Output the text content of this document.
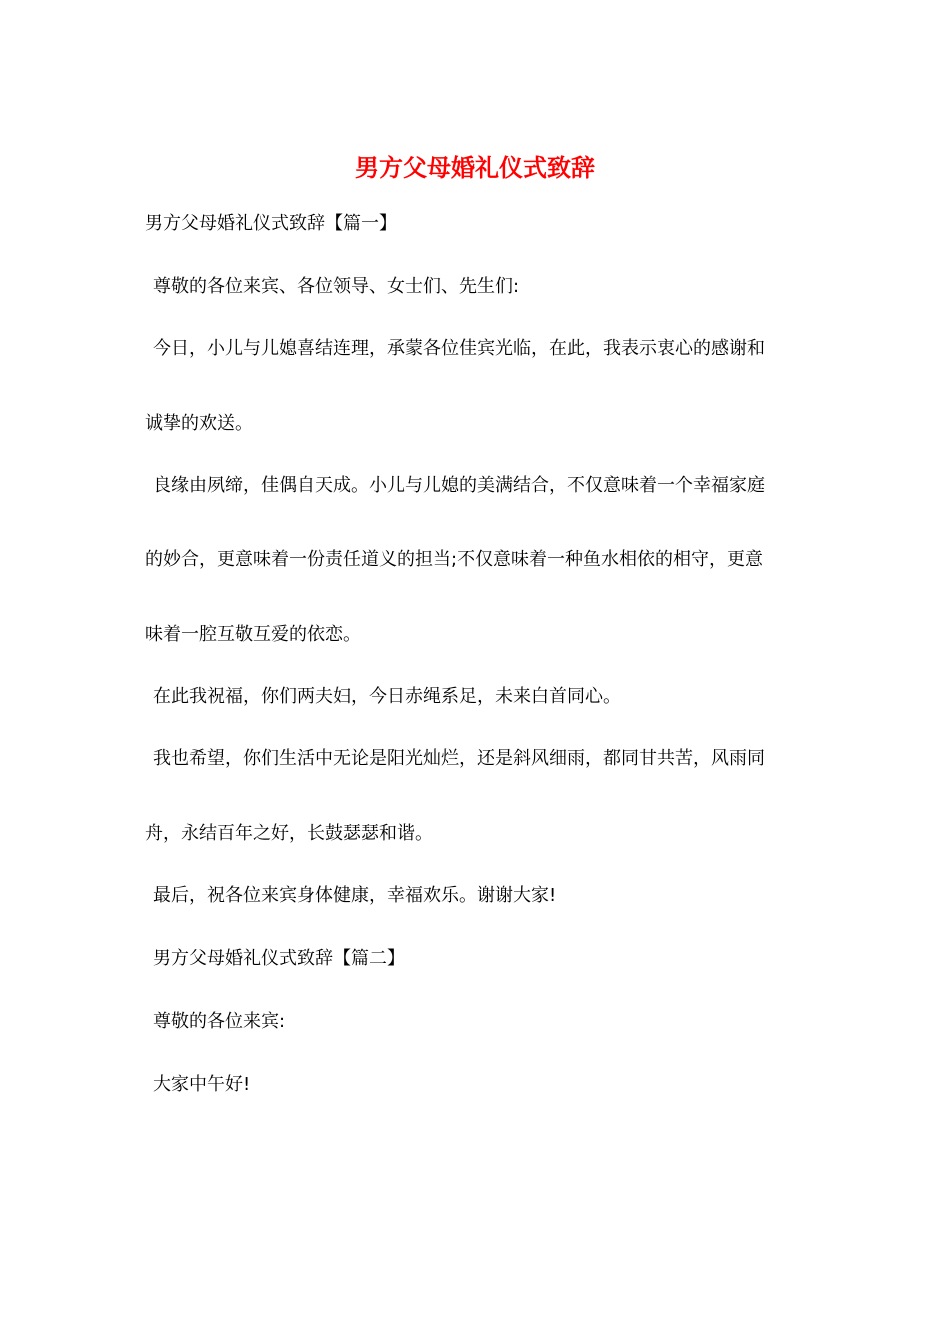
男方父母婚礼仪式致辞

男方父母婚礼仪式致辞【篇一】

尊敬的各位来宾、各位领导、女士们、先生们:

今日，小儿与儿媳喜结连理，承蒙各位佳宾光临，在此，我表示衷心的感谢和

诚挚的欢送。

良缘由夙缔，佳偶自天成。小儿与儿媳的美满结合，不仅意味着一个幸福家庭

的妙合，更意味着一份责任道义的担当;不仅意味着一种鱼水相依的相守，更意

味着一腔互敬互爱的依恋。

在此我祝福，你们两夫妇，今日赤绳系足，未来白首同心。

我也希望，你们生活中无论是阳光灿烂，还是斜风细雨，都同甘共苦，风雨同

舟，永结百年之好，长鼓瑟瑟和谐。

最后，祝各位来宾身体健康，幸福欢乐。谢谢大家!

男方父母婚礼仪式致辞【篇二】

尊敬的各位来宾:

大家中午好!
